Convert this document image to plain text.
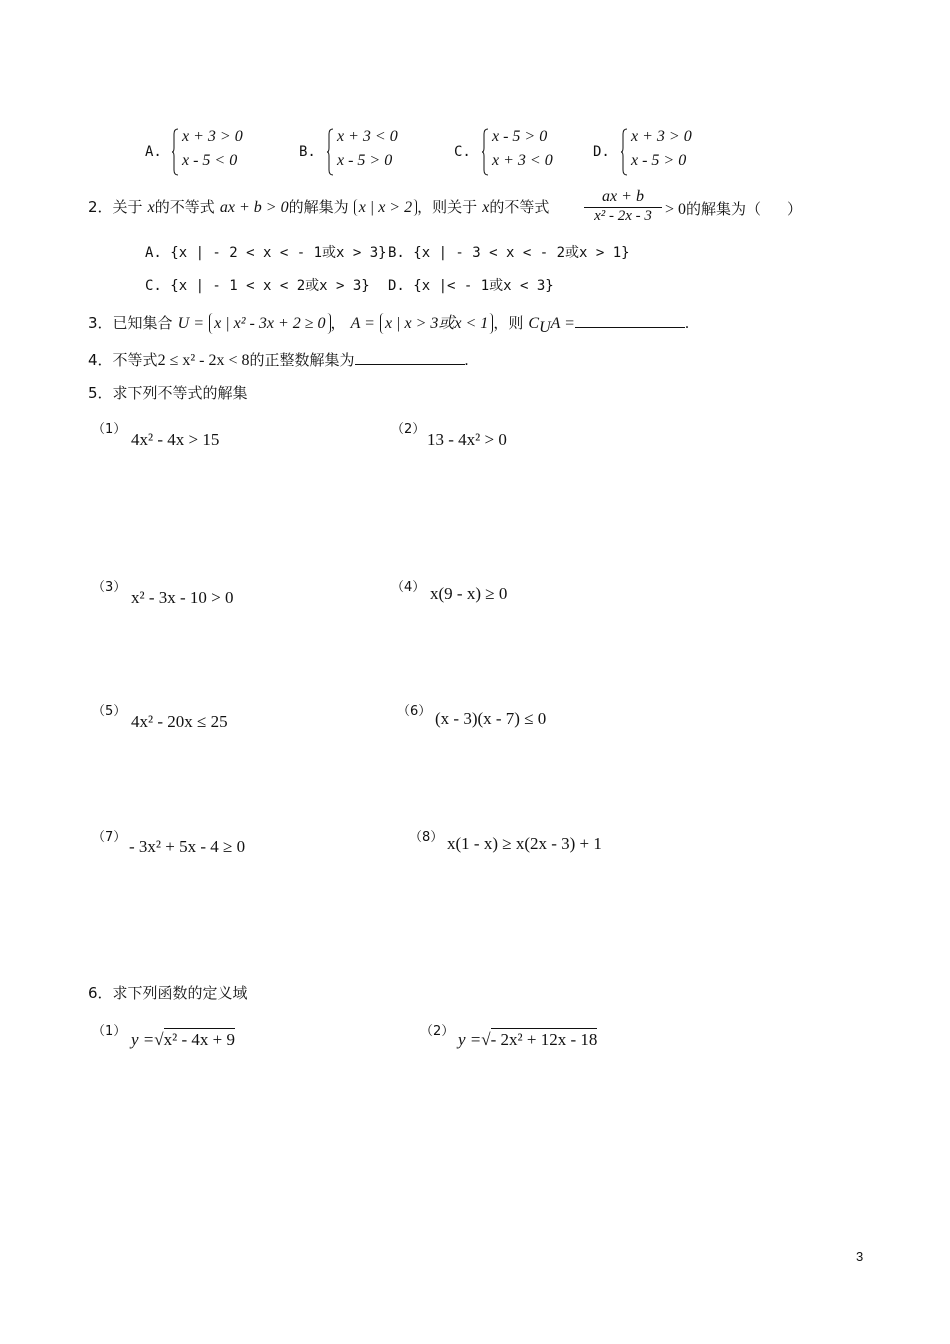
A.
x + 3 > 0
x - 5 < 0	B.
x + 3 < 0
x - 5 > 0	C.
x - 5 > 0
x + 3 < 0	D.
x + 3 > 0
x - 5 > 0
2．关于 x的不等式 ax + b > 0的解集为 x | x > 2 ，则关于 x的不等式 $\frac{ax + b}{\text{x² - 2x - 3}} > 0$的解集为（ ）
A. {x | - 2 < x < - 1或x > 3} B. {x | - 3 < x < - 2或x > 1}
C. {x | - 1 < x < 2或x > 3} D. {x |< - 1或x < 3}
3．已知集合 U = x | x² - 3x + 2 ≥ 0 ， A = x | x > 3或x < 1 ，则 $C_UA$ =	.
4．不等式2 ≤ x² - 2x < 8的正整数解集为	.
5．求下列不等式的解集
（1）
4x² - 4x > 15
（2）
13 - 4x² > 0
（3）
x² - 3x - 10 > 0
（4） x(9 - x) ≥ 0
（5）
4x² - 20x ≤ 25
（6） (x - 3)(x - 7) ≤ 0
（7） - 3x² + 5x - 4 ≥ 0	（8） x(1 - x) ≥ x(2x - 3) + 1
6．求下列函数的定义域
（1） y =√x² - 4x + 9	（2） y =√- 2x² + 12x - 18
3
